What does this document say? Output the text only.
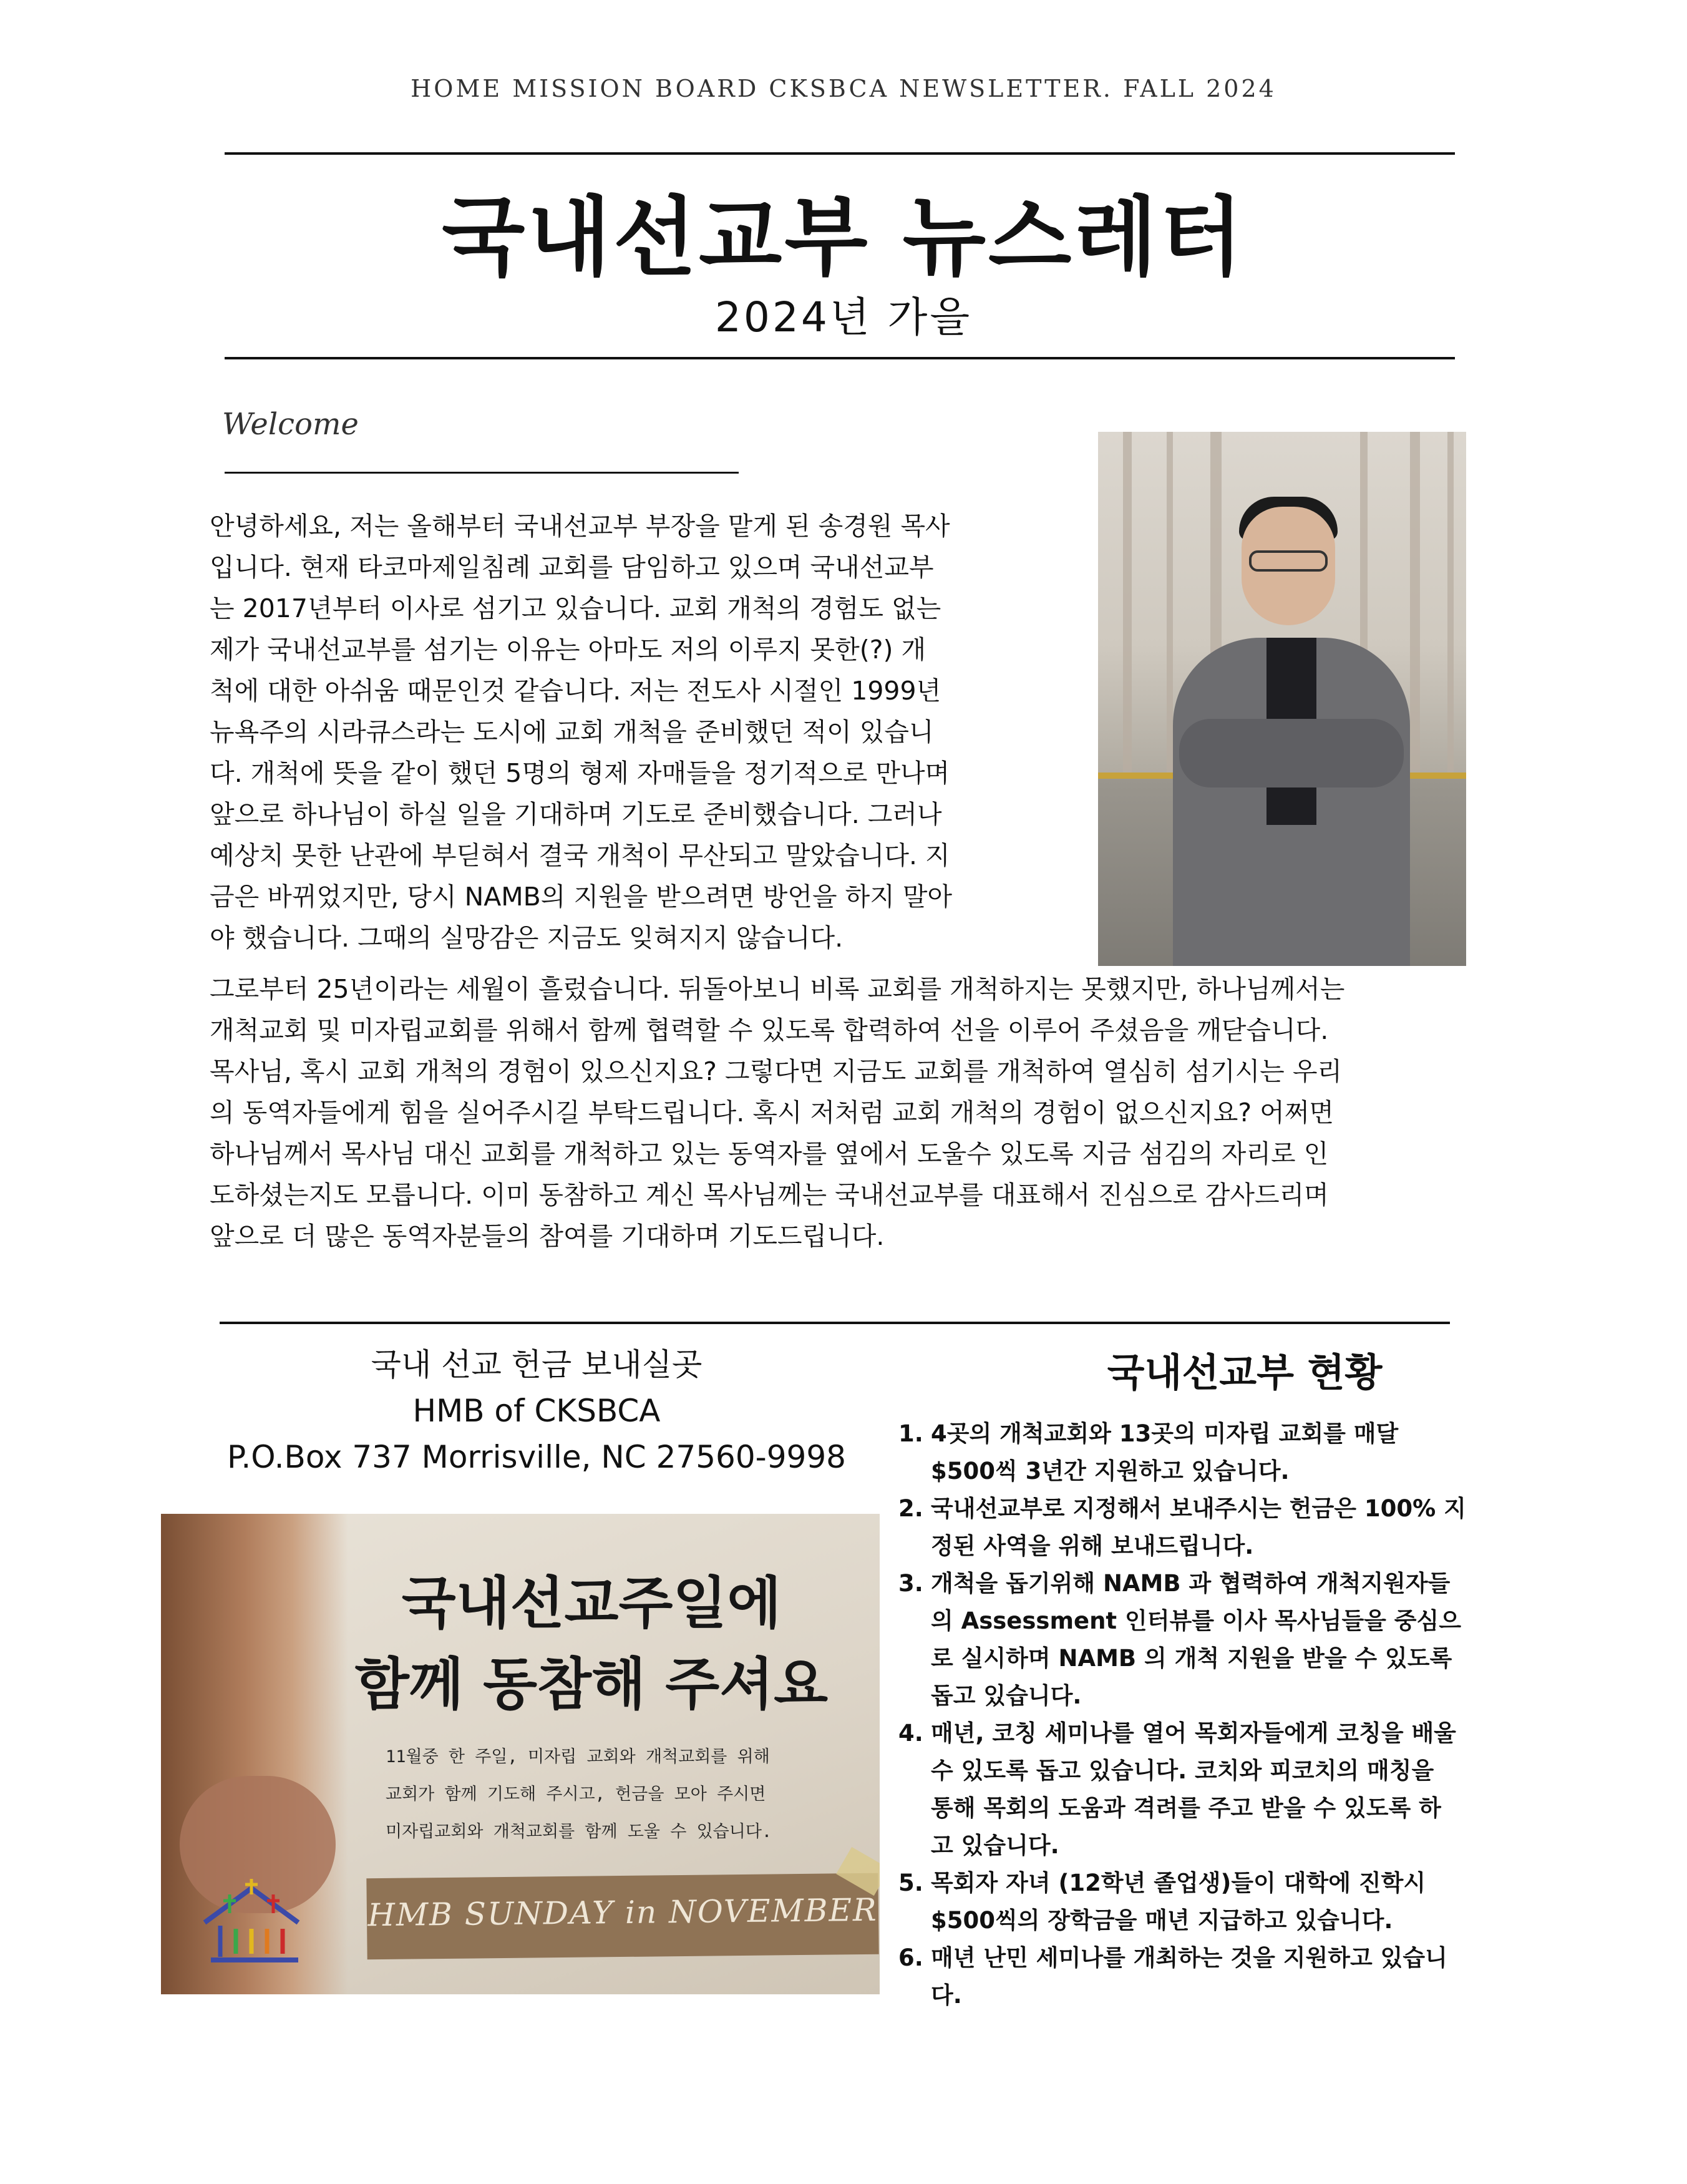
HOME MISSION BOARD CKSBCA NEWSLETTER. FALL 2024
국내선교부 뉴스레터
2024년 가을
Welcome
안녕하세요, 저는 올해부터 국내선교부 부장을 맡게 된 송경원 목사
입니다. 현재 타코마제일침례 교회를 담임하고 있으며 국내선교부
는 2017년부터 이사로 섬기고 있습니다. 교회 개척의 경험도 없는
제가 국내선교부를 섬기는 이유는 아마도 저의 이루지 못한(?) 개
척에 대한 아쉬움 때문인것 같습니다. 저는 전도사 시절인 1999년
뉴욕주의 시라큐스라는 도시에 교회 개척을 준비했던 적이 있습니
다. 개척에 뜻을 같이 했던 5명의 형제 자매들을 정기적으로 만나며
앞으로 하나님이 하실 일을 기대하며 기도로 준비했습니다. 그러나
예상치 못한 난관에 부딛혀서 결국 개척이 무산되고 말았습니다. 지
금은 바뀌었지만, 당시 NAMB의 지원을 받으려면 방언을 하지 말아
야 했습니다. 그때의 실망감은 지금도 잊혀지지 않습니다.
그로부터 25년이라는 세월이 흘렀습니다. 뒤돌아보니 비록 교회를 개척하지는 못했지만, 하나님께서는
개척교회 및 미자립교회를 위해서 함께 협력할 수 있도록 합력하여 선을 이루어 주셨음을 깨닫습니다.
목사님, 혹시 교회 개척의 경험이 있으신지요? 그렇다면 지금도 교회를 개척하여 열심히 섬기시는 우리
의 동역자들에게 힘을 실어주시길 부탁드립니다. 혹시 저처럼 교회 개척의 경험이 없으신지요? 어쩌면
하나님께서 목사님 대신 교회를 개척하고 있는 동역자를 옆에서 도울수 있도록 지금 섬김의 자리로 인
도하셨는지도 모릅니다. 이미 동참하고 계신 목사님께는 국내선교부를 대표해서 진심으로 감사드리며
앞으로 더 많은 동역자분들의 참여를 기대하며 기도드립니다.
국내 선교 헌금 보내실곳
HMB of CKSBCA
P.O.Box 737 Morrisville, NC 27560-9998
국내선교주일에
함께 동참해 주셔요
11월중 한 주일, 미자립 교회와 개척교회를 위해
교회가 함께 기도해 주시고, 헌금을 모아 주시면
미자립교회와 개척교회를 함께 도울 수 있습니다.
HMB SUNDAY in NOVEMBER
국내선교부 현황
1. 4곳의 개척교회와 13곳의 미자립 교회를 매달
$500씩 3년간 지원하고 있습니다.
2. 국내선교부로 지정해서 보내주시는 헌금은 100% 지
정된 사역을 위해 보내드립니다.
3. 개척을 돕기위해 NAMB 과 협력하여 개척지원자들
의 Assessment 인터뷰를 이사 목사님들을 중심으
로 실시하며 NAMB 의 개척 지원을 받을 수 있도록
돕고 있습니다.
4. 매년, 코칭 세미나를 열어 목회자들에게 코칭을 배울
수 있도록 돕고 있습니다. 코치와 피코치의 매칭을
통해 목회의 도움과 격려를 주고 받을 수 있도록 하
고 있습니다.
5. 목회자 자녀 (12학년 졸업생)들이 대학에 진학시
$500씩의 장학금을 매년 지급하고 있습니다.
6. 매년 난민 세미나를 개최하는 것을 지원하고 있습니
다.
